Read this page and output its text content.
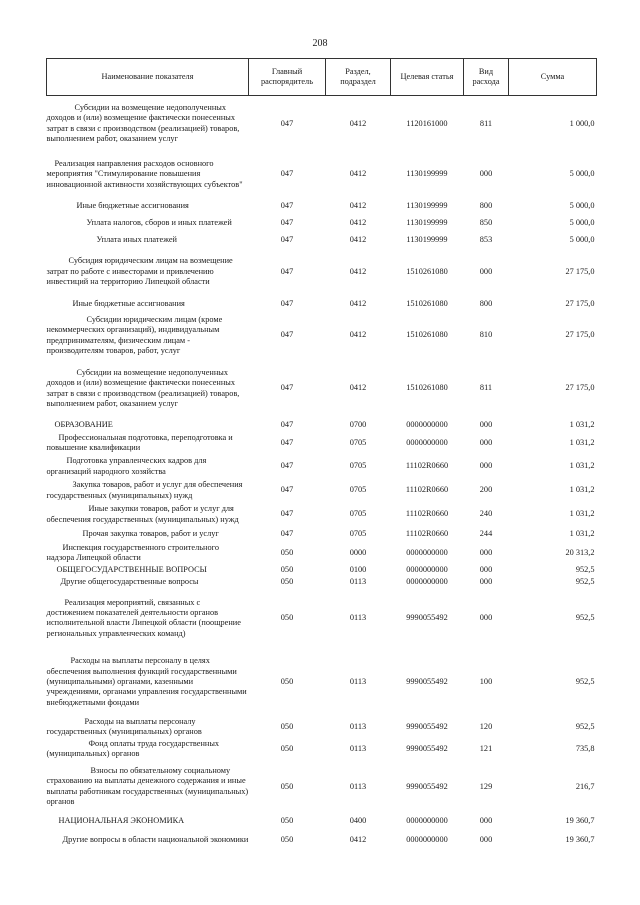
208
Наименование показателя	Главный распорядитель	Раздел, подраздел	Целевая статья	Вид расхода	Сумма
Субсидии на возмещение недополученных доходов и (или) возмещение фактически понесенных затрат в связи с производством (реализацией) товаров, выполнением работ, оказанием услуг	047	0412	1120161000	811	1 000,0
Реализация направления расходов основного мероприятия "Стимулирование повышения инновационной активности хозяйствующих субъектов"	047	0412	1130199999	000	5 000,0
Иные бюджетные ассигнования	047	0412	1130199999	800	5 000,0
Уплата налогов, сборов и иных платежей	047	0412	1130199999	850	5 000,0
Уплата иных платежей	047	0412	1130199999	853	5 000,0
Субсидия юридическим лицам на возмещение затрат по работе с инвесторами и привлечению инвестиций на территорию Липецкой области	047	0412	1510261080	000	27 175,0
Иные бюджетные ассигнования	047	0412	1510261080	800	27 175,0
Субсидии юридическим лицам (кроме некоммерческих организаций), индивидуальным предпринимателям, физическим лицам - производителям товаров, работ, услуг	047	0412	1510261080	810	27 175,0
Субсидии на возмещение недополученных доходов и (или) возмещение фактически понесенных затрат в связи с производством (реализацией) товаров, выполнением работ, оказанием услуг	047	0412	1510261080	811	27 175,0
ОБРАЗОВАНИЕ	047	0700	0000000000	000	1 031,2
Профессиональная подготовка, переподготовка и повышение квалификации	047	0705	0000000000	000	1 031,2
Подготовка управленческих кадров для организаций народного хозяйства	047	0705	11102R0660	000	1 031,2
Закупка товаров, работ и услуг для обеспечения государственных (муниципальных) нужд	047	0705	11102R0660	200	1 031,2
Иные закупки товаров, работ и услуг для обеспечения государственных (муниципальных) нужд	047	0705	11102R0660	240	1 031,2
Прочая закупка товаров, работ и услуг	047	0705	11102R0660	244	1 031,2
Инспекция государственного строительного надзора Липецкой области	050	0000	0000000000	000	20 313,2
ОБЩЕГОСУДАРСТВЕННЫЕ ВОПРОСЫ	050	0100	0000000000	000	952,5
Другие общегосударственные вопросы	050	0113	0000000000	000	952,5
Реализация мероприятий, связанных с достижением показателей деятельности органов исполнительной власти Липецкой области (поощрение региональных управленческих команд)	050	0113	9990055492	000	952,5
Расходы на выплаты персоналу в целях обеспечения выполнения функций государственными (муниципальными) органами, казенными учреждениями, органами управления государственными внебюджетными фондами	050	0113	9990055492	100	952,5
Расходы на выплаты персоналу государственных (муниципальных) органов	050	0113	9990055492	120	952,5
Фонд оплаты труда государственных (муниципальных) органов	050	0113	9990055492	121	735,8
Взносы по обязательному социальному страхованию на выплаты денежного содержания и иные выплаты работникам государственных (муниципальных) органов	050	0113	9990055492	129	216,7
НАЦИОНАЛЬНАЯ ЭКОНОМИКА	050	0400	0000000000	000	19 360,7
Другие вопросы в области национальной экономики	050	0412	0000000000	000	19 360,7
